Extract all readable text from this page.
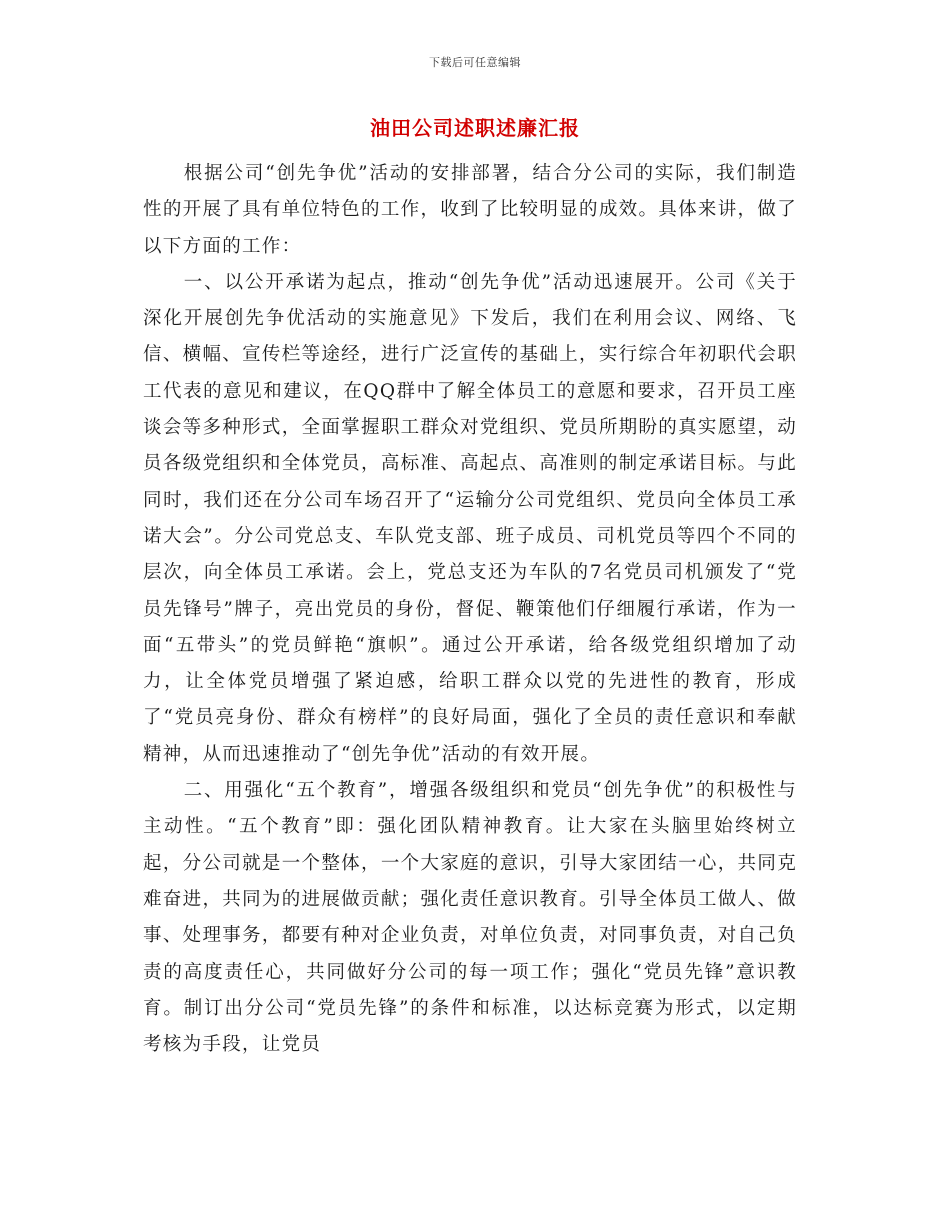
下载后可任意编辑
油田公司述职述廉汇报

根据公司“创先争优”活动的安排部署，结合分公司的实际，我们制造性的开展了具有单位特色的工作，收到了比较明显的成效。具体来讲，做了以下方面的工作：

一、以公开承诺为起点，推动“创先争优”活动迅速展开。公司《关于深化开展创先争优活动的实施意见》下发后，我们在利用会议、网络、飞信、横幅、宣传栏等途经，进行广泛宣传的基础上，实行综合年初职代会职工代表的意见和建议，在QQ群中了解全体员工的意愿和要求，召开员工座谈会等多种形式，全面掌握职工群众对党组织、党员所期盼的真实愿望，动员各级党组织和全体党员，高标准、高起点、高准则的制定承诺目标。与此同时，我们还在分公司车场召开了“运输分公司党组织、党员向全体员工承诺大会”。分公司党总支、车队党支部、班子成员、司机党员等四个不同的层次，向全体员工承诺。会上，党总支还为车队的7名党员司机颁发了“党员先锋号”牌子，亮出党员的身份，督促、鞭策他们仔细履行承诺，作为一面“五带头”的党员鲜艳“旗帜”。通过公开承诺，给各级党组织增加了动力，让全体党员增强了紧迫感，给职工群众以党的先进性的教育，形成了“党员亮身份、群众有榜样”的良好局面，强化了全员的责任意识和奉献精神，从而迅速推动了“创先争优”活动的有效开展。

二、用强化“五个教育”，增强各级组织和党员“创先争优”的积极性与主动性。“五个教育”即：强化团队精神教育。让大家在头脑里始终树立起，分公司就是一个整体，一个大家庭的意识，引导大家团结一心，共同克难奋进，共同为的进展做贡献；强化责任意识教育。引导全体员工做人、做事、处理事务，都要有种对企业负责，对单位负责，对同事负责，对自己负责的高度责任心，共同做好分公司的每一项工作；强化“党员先锋”意识教育。制订出分公司“党员先锋”的条件和标准，以达标竞赛为形式，以定期考核为手段，让党员
